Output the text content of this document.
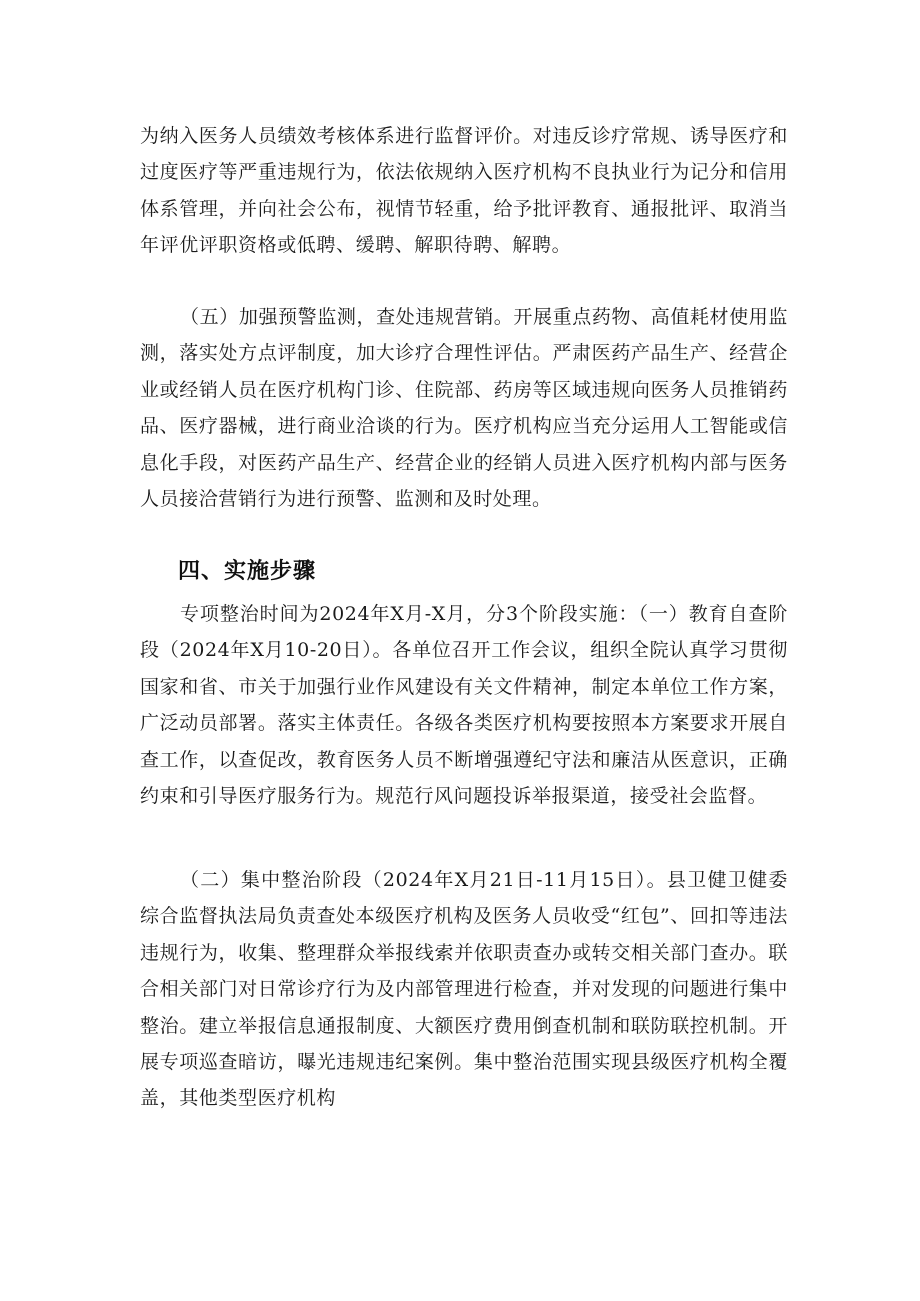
为纳入医务人员绩效考核体系进行监督评价。对违反诊疗常规、诱导医疗和过度医疗等严重违规行为，依法依规纳入医疗机构不良执业行为记分和信用体系管理，并向社会公布，视情节轻重，给予批评教育、通报批评、取消当年评优评职资格或低聘、缓聘、解职待聘、解聘。

（五）加强预警监测，查处违规营销。开展重点药物、高值耗材使用监测，落实处方点评制度，加大诊疗合理性评估。严肃医药产品生产、经营企业或经销人员在医疗机构门诊、住院部、药房等区域违规向医务人员推销药品、医疗器械，进行商业洽谈的行为。医疗机构应当充分运用人工智能或信息化手段，对医药产品生产、经营企业的经销人员进入医疗机构内部与医务人员接洽营销行为进行预警、监测和及时处理。

四、实施步骤

专项整治时间为2024年X月-X月，分3个阶段实施：（一）教育自查阶段（2024年X月10-20日）。各单位召开工作会议，组织全院认真学习贯彻国家和省、市关于加强行业作风建设有关文件精神，制定本单位工作方案，广泛动员部署。落实主体责任。各级各类医疗机构要按照本方案要求开展自查工作，以查促改，教育医务人员不断增强遵纪守法和廉洁从医意识，正确约束和引导医疗服务行为。规范行风问题投诉举报渠道，接受社会监督。

（二）集中整治阶段（2024年X月21日-11月15日）。县卫健卫健委综合监督执法局负责查处本级医疗机构及医务人员收受“红包”、回扣等违法违规行为，收集、整理群众举报线索并依职责查办或转交相关部门查办。联合相关部门对日常诊疗行为及内部管理进行检查，并对发现的问题进行集中整治。建立举报信息通报制度、大额医疗费用倒查机制和联防联控机制。开展专项巡查暗访，曝光违规违纪案例。集中整治范围实现县级医疗机构全覆盖，其他类型医疗机构
